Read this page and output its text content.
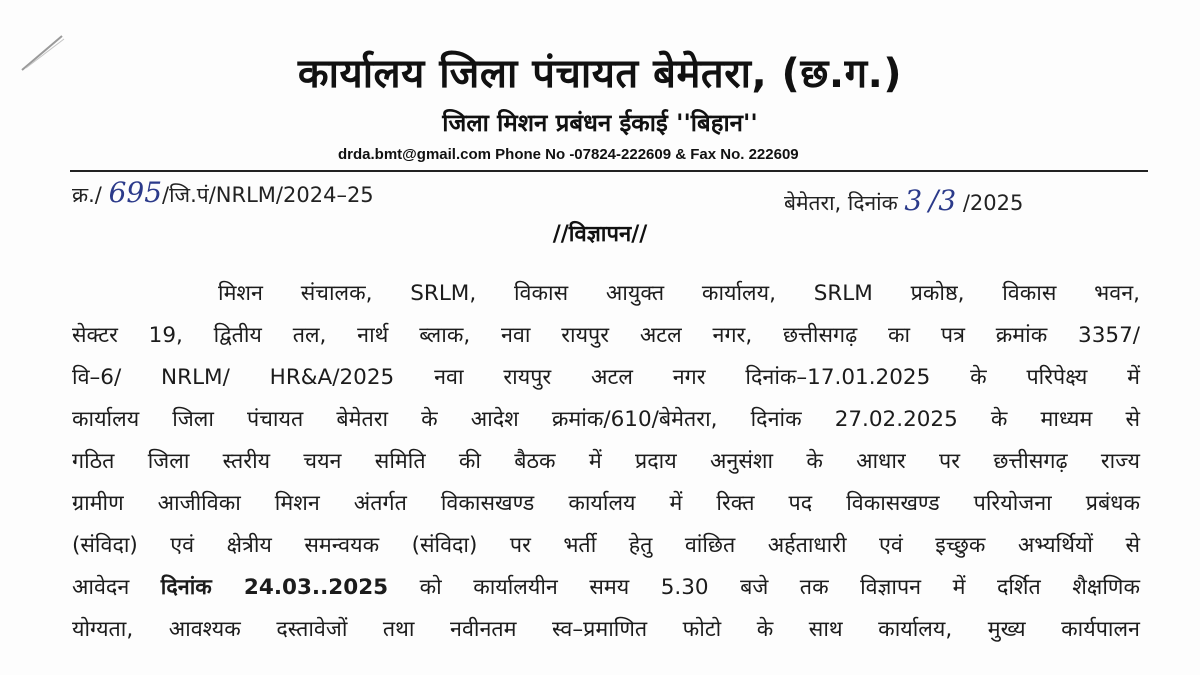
कार्यालय जिला पंचायत बेमेतरा, (छ.ग.)
जिला मिशन प्रबंधन ईकाई ''बिहान''
drda.bmt@gmail.com Phone No -07824-222609 & Fax No. 222609
क्र./ 695/जि.पं/NRLM/2024–25	बेमेतरा, दिनांक 3 /3 /2025
//विज्ञापन//
मिशन संचालक, SRLM, विकास आयुक्त कार्यालय, SRLM प्रकोष्ठ, विकास भवन,
सेक्टर 19, द्वितीय तल, नार्थ ब्लाक, नवा रायपुर अटल नगर, छत्तीसगढ़ का पत्र क्रमांक 3357/
वि–6/ NRLM/ HR&A/2025 नवा रायपुर अटल नगर दिनांक–17.01.2025 के परिपेक्ष्य में
कार्यालय जिला पंचायत बेमेतरा के आदेश क्रमांक/610/बेमेतरा, दिनांक 27.02.2025 के माध्यम से
गठित जिला स्तरीय चयन समिति की बैठक में प्रदाय अनुसंशा के आधार पर छत्तीसगढ़ राज्य
ग्रामीण आजीविका मिशन अंतर्गत विकासखण्ड कार्यालय में रिक्त पद विकासखण्ड परियोजना प्रबंधक
(संविदा) एवं क्षेत्रीय समन्वयक (संविदा) पर भर्ती हेतु वांछित अर्हताधारी एवं इच्छुक अभ्यर्थियों से
आवेदन दिनांक 24.03..2025 को कार्यालयीन समय 5.30 बजे तक विज्ञापन में दर्शित शैक्षणिक
योग्यता, आवश्यक दस्तावेजों तथा नवीनतम स्व–प्रमाणित फोटो के साथ कार्यालय, मुख्य कार्यपालन
